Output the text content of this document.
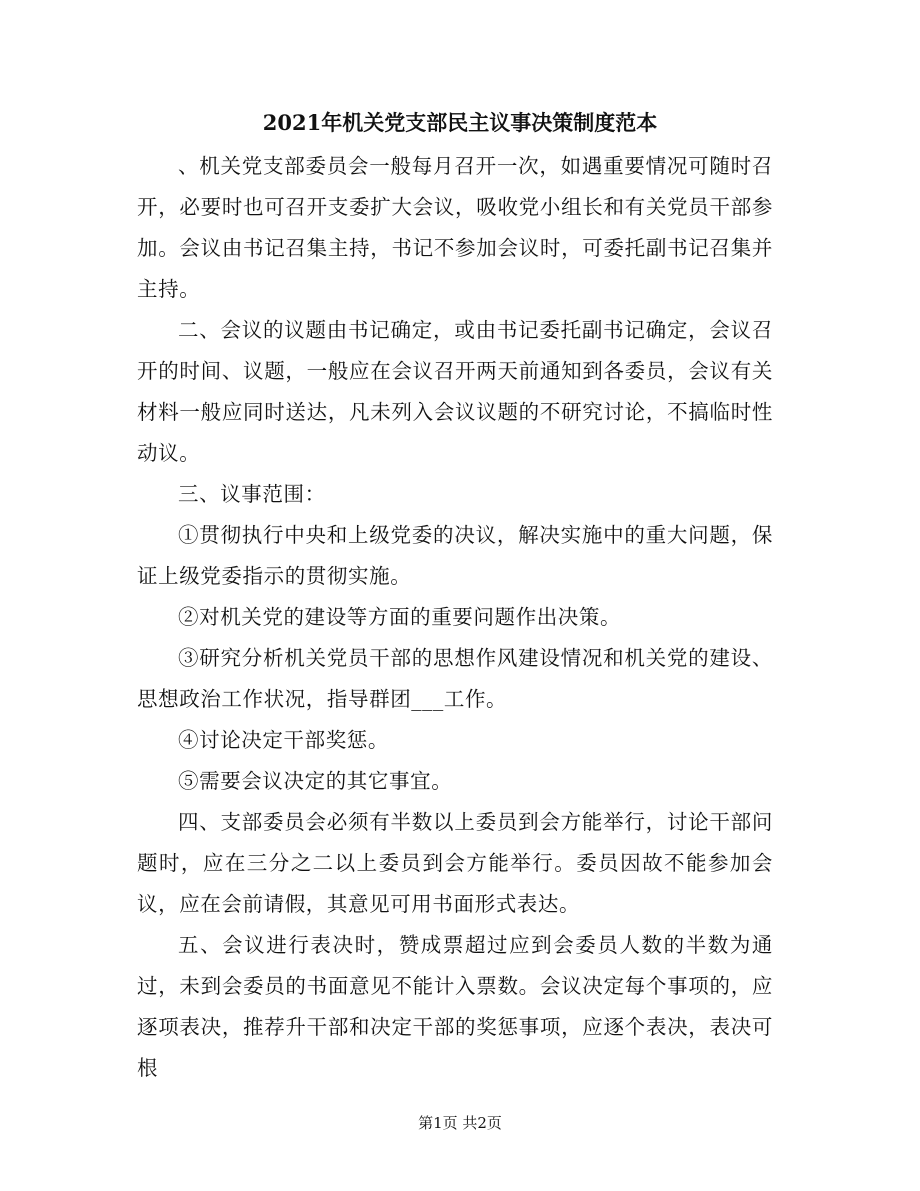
2021年机关党支部民主议事决策制度范本

、机关党支部委员会一般每月召开一次，如遇重要情况可随时召开，必要时也可召开支委扩大会议，吸收党小组长和有关党员干部参加。会议由书记召集主持，书记不参加会议时，可委托副书记召集并主持。

二、会议的议题由书记确定，或由书记委托副书记确定，会议召开的时间、议题，一般应在会议召开两天前通知到各委员，会议有关材料一般应同时送达，凡未列入会议议题的不研究讨论，不搞临时性动议。

三、议事范围：

①贯彻执行中央和上级党委的决议，解决实施中的重大问题，保证上级党委指示的贯彻实施。

②对机关党的建设等方面的重要问题作出决策。

③研究分析机关党员干部的思想作风建设情况和机关党的建设、思想政治工作状况，指导群团___工作。

④讨论决定干部奖惩。

⑤需要会议决定的其它事宜。

四、支部委员会必须有半数以上委员到会方能举行，讨论干部问题时，应在三分之二以上委员到会方能举行。委员因故不能参加会议，应在会前请假，其意见可用书面形式表达。

五、会议进行表决时，赞成票超过应到会委员人数的半数为通过，未到会委员的书面意见不能计入票数。会议决定每个事项的，应逐项表决，推荐升干部和决定干部的奖惩事项，应逐个表决，表决可根

第1页 共2页
